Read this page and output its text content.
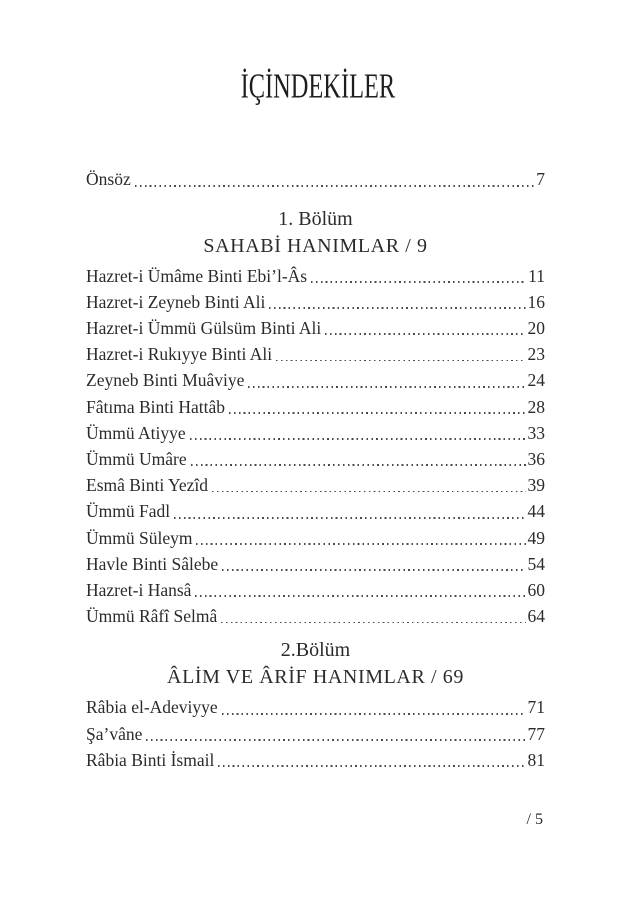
İÇİNDEKİLER
Önsöz	7
1. Bölüm
SAHABİ HANIMLAR / 9
Hazret-i Ümâme Binti Ebi’l-Âs	11
Hazret-i Zeyneb Binti Ali	16
Hazret-i Ümmü Gülsüm Binti Ali	20
Hazret-i Rukıyye Binti Ali	23
Zeyneb Binti Muâviye	24
Fâtıma Binti Hattâb	28
Ümmü Atiyye	33
Ümmü Umâre	36
Esmâ Binti Yezîd	39
Ümmü Fadl	44
Ümmü Süleym	49
Havle Binti Sâlebe	54
Hazret-i Hansâ	60
Ümmü Râfî Selmâ	64
2.Bölüm
ÂLİM VE ÂRİF HANIMLAR / 69
Râbia el-Adeviyye	71
Şa’vâne	77
Râbia Binti İsmail	81
/ 5
